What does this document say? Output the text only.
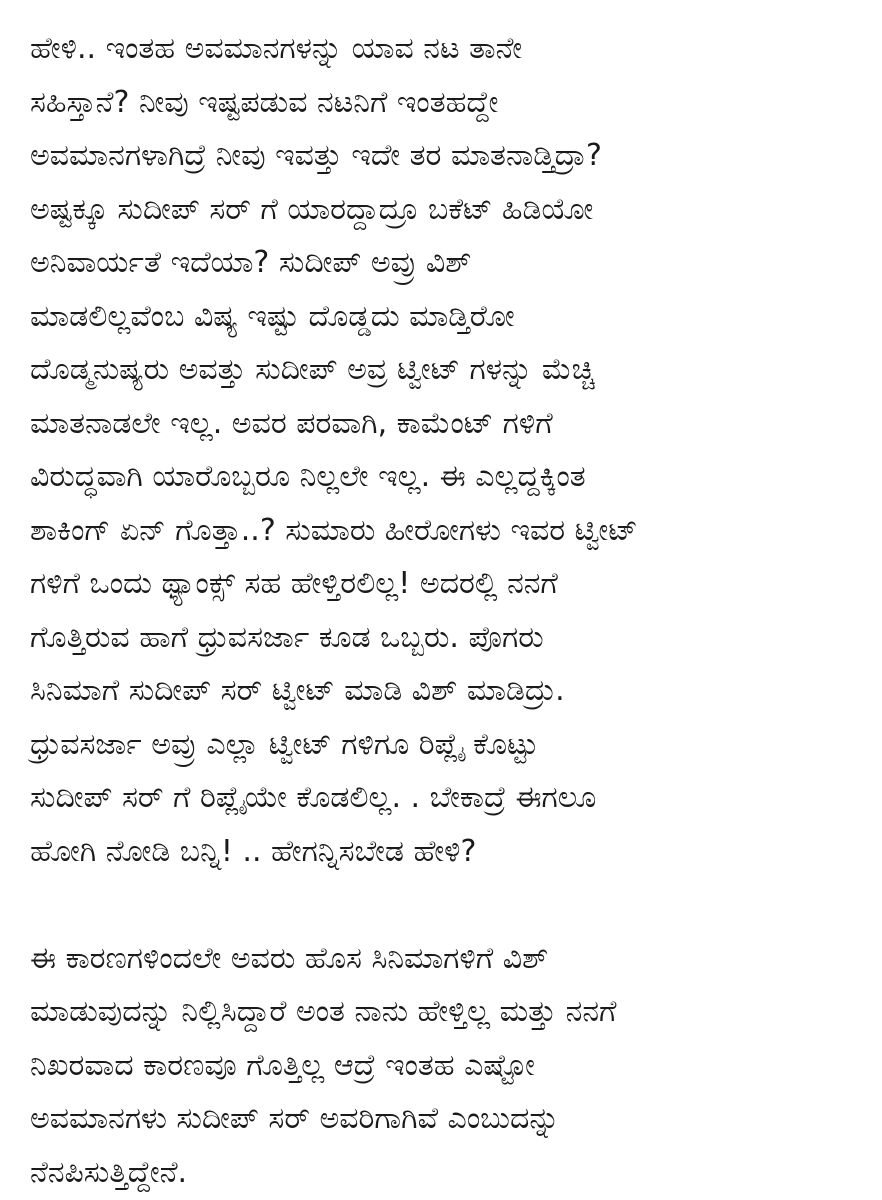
ಹೇಳಿ.. ಇಂತಹ ಅವಮಾನಗಳನ್ನು ಯಾವ ನಟ ತಾನೇ
ಸಹಿಸ್ತಾನೆ? ನೀವು ಇಷ್ಟಪಡುವ ನಟನಿಗೆ ಇಂತಹದ್ದೇ
ಅವಮಾನಗಳಾಗಿದ್ರೆ ನೀವು ಇವತ್ತು ಇದೇ ತರ ಮಾತನಾಡ್ತಿದ್ರಾ?
ಅಷ್ಟಕ್ಕೂ ಸುದೀಪ್ ಸರ್ ಗೆ ಯಾರದ್ದಾದ್ರೂ ಬಕೆಟ್ ಹಿಡಿಯೋ
ಅನಿವಾರ್ಯತೆ ಇದೆಯಾ? ಸುದೀಪ್ ಅವ್ರು ವಿಶ್
ಮಾಡಲಿಲ್ಲವೆಂಬ ವಿಷ್ಯ ಇಷ್ಟು ದೊಡ್ಡದು ಮಾಡ್ತಿರೋ
ದೊಡ್ಮನುಷ್ಯರು ಅವತ್ತು ಸುದೀಪ್ ಅವ್ರ ಟ್ವೀಟ್ ಗಳನ್ನು ಮೆಚ್ಚಿ
ಮಾತನಾಡಲೇ ಇಲ್ಲ. ಅವರ ಪರವಾಗಿ, ಕಾಮೆಂಟ್ ಗಳಿಗೆ
ವಿರುದ್ಧವಾಗಿ ಯಾರೊಬ್ಬರೂ ನಿಲ್ಲಲೇ ಇಲ್ಲ. ಈ ಎಲ್ಲದ್ದಕ್ಕಿಂತ
ಶಾಕಿಂಗ್ ಏನ್ ಗೊತ್ತಾ..? ಸುಮಾರು ಹೀರೋಗಳು ಇವರ ಟ್ವೀಟ್
ಗಳಿಗೆ ಒಂದು ಥ್ಯಾಂಕ್ಸ್ ಸಹ ಹೇಳ್ತಿರಲಿಲ್ಲ! ಅದರಲ್ಲಿ ನನಗೆ
ಗೊತ್ತಿರುವ ಹಾಗೆ ಧ್ರುವಸರ್ಜಾ ಕೂಡ ಒಬ್ಬರು. ಪೊಗರು
ಸಿನಿಮಾಗೆ ಸುದೀಪ್ ಸರ್ ಟ್ವೀಟ್ ಮಾಡಿ ವಿಶ್ ಮಾಡಿದ್ರು.
ಧ್ರುವಸರ್ಜಾ ಅವ್ರು ಎಲ್ಲಾ ಟ್ವೀಟ್ ಗಳಿಗೂ ರಿಪ್ಲೈ ಕೊಟ್ಟು
ಸುದೀಪ್ ಸರ್ ಗೆ ರಿಪ್ಲೈಯೇ ಕೊಡಲಿಲ್ಲ. . ಬೇಕಾದ್ರೆ ಈಗಲೂ
ಹೋಗಿ ನೋಡಿ ಬನ್ನಿ! .. ಹೇಗನ್ನಿಸಬೇಡ ಹೇಳಿ?
ಈ ಕಾರಣಗಳಿಂದಲೇ ಅವರು ಹೊಸ ಸಿನಿಮಾಗಳಿಗೆ ವಿಶ್
ಮಾಡುವುದನ್ನು ನಿಲ್ಲಿಸಿದ್ದಾರೆ ಅಂತ ನಾನು ಹೇಳ್ತಿಲ್ಲ ಮತ್ತು ನನಗೆ
ನಿಖರವಾದ ಕಾರಣವೂ ಗೊತ್ತಿಲ್ಲ ಆದ್ರೆ ಇಂತಹ ಎಷ್ಟೋ
ಅವಮಾನಗಳು ಸುದೀಪ್ ಸರ್ ಅವರಿಗಾಗಿವೆ ಎಂಬುದನ್ನು
ನೆನಪಿಸುತ್ತಿದ್ದೇನೆ.
